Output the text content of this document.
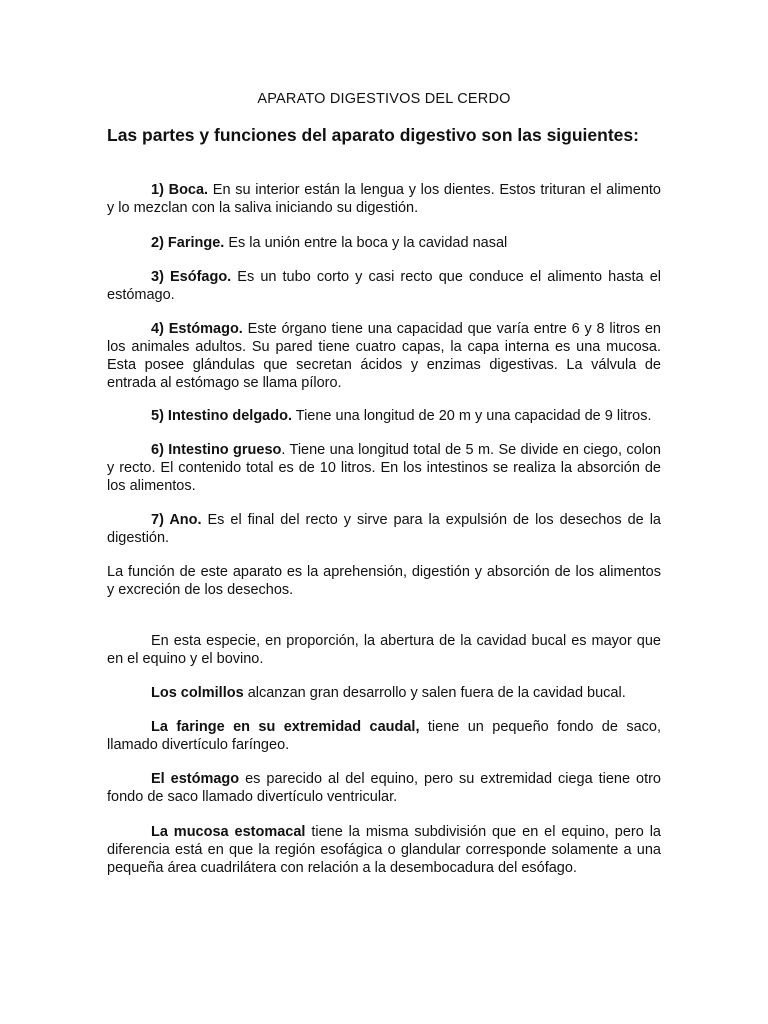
APARATO DIGESTIVOS DEL CERDO
Las partes y funciones del aparato digestivo son las siguientes:

1) Boca. En su interior están la lengua y los dientes. Estos trituran el alimento y lo mezclan con la saliva iniciando su digestión.

2) Faringe. Es la unión entre la boca y la cavidad nasal

3) Esófago. Es un tubo corto y casi recto que conduce el alimento hasta el estómago.

4) Estómago. Este órgano tiene una capacidad que varía entre 6 y 8 litros en los animales adultos. Su pared tiene cuatro capas, la capa interna es una mucosa. Esta posee glándulas que secretan ácidos y enzimas digestivas. La válvula de entrada al estómago se llama píloro.

5) Intestino delgado. Tiene una longitud de 20 m y una capacidad de 9 litros.

6) Intestino grueso. Tiene una longitud total de 5 m. Se divide en ciego, colon y recto. El contenido total es de 10 litros. En los intestinos se realiza la absorción de los alimentos.

7) Ano. Es el final del recto y sirve para la expulsión de los desechos de la digestión.

La función de este aparato es la aprehensión, digestión y absorción de los alimentos y excreción de los desechos.

En esta especie, en proporción, la abertura de la cavidad bucal es mayor que en el equino y el bovino.

Los colmillos alcanzan gran desarrollo y salen fuera de la cavidad bucal.

La faringe en su extremidad caudal, tiene un pequeño fondo de saco, llamado divertículo faríngeo.

El estómago es parecido al del equino, pero su extremidad ciega tiene otro fondo de saco llamado divertículo ventricular.

La mucosa estomacal tiene la misma subdivisión que en el equino, pero la diferencia está en que la región esofágica o glandular corresponde solamente a una pequeña área cuadrilátera con relación a la desembocadura del esófago.
